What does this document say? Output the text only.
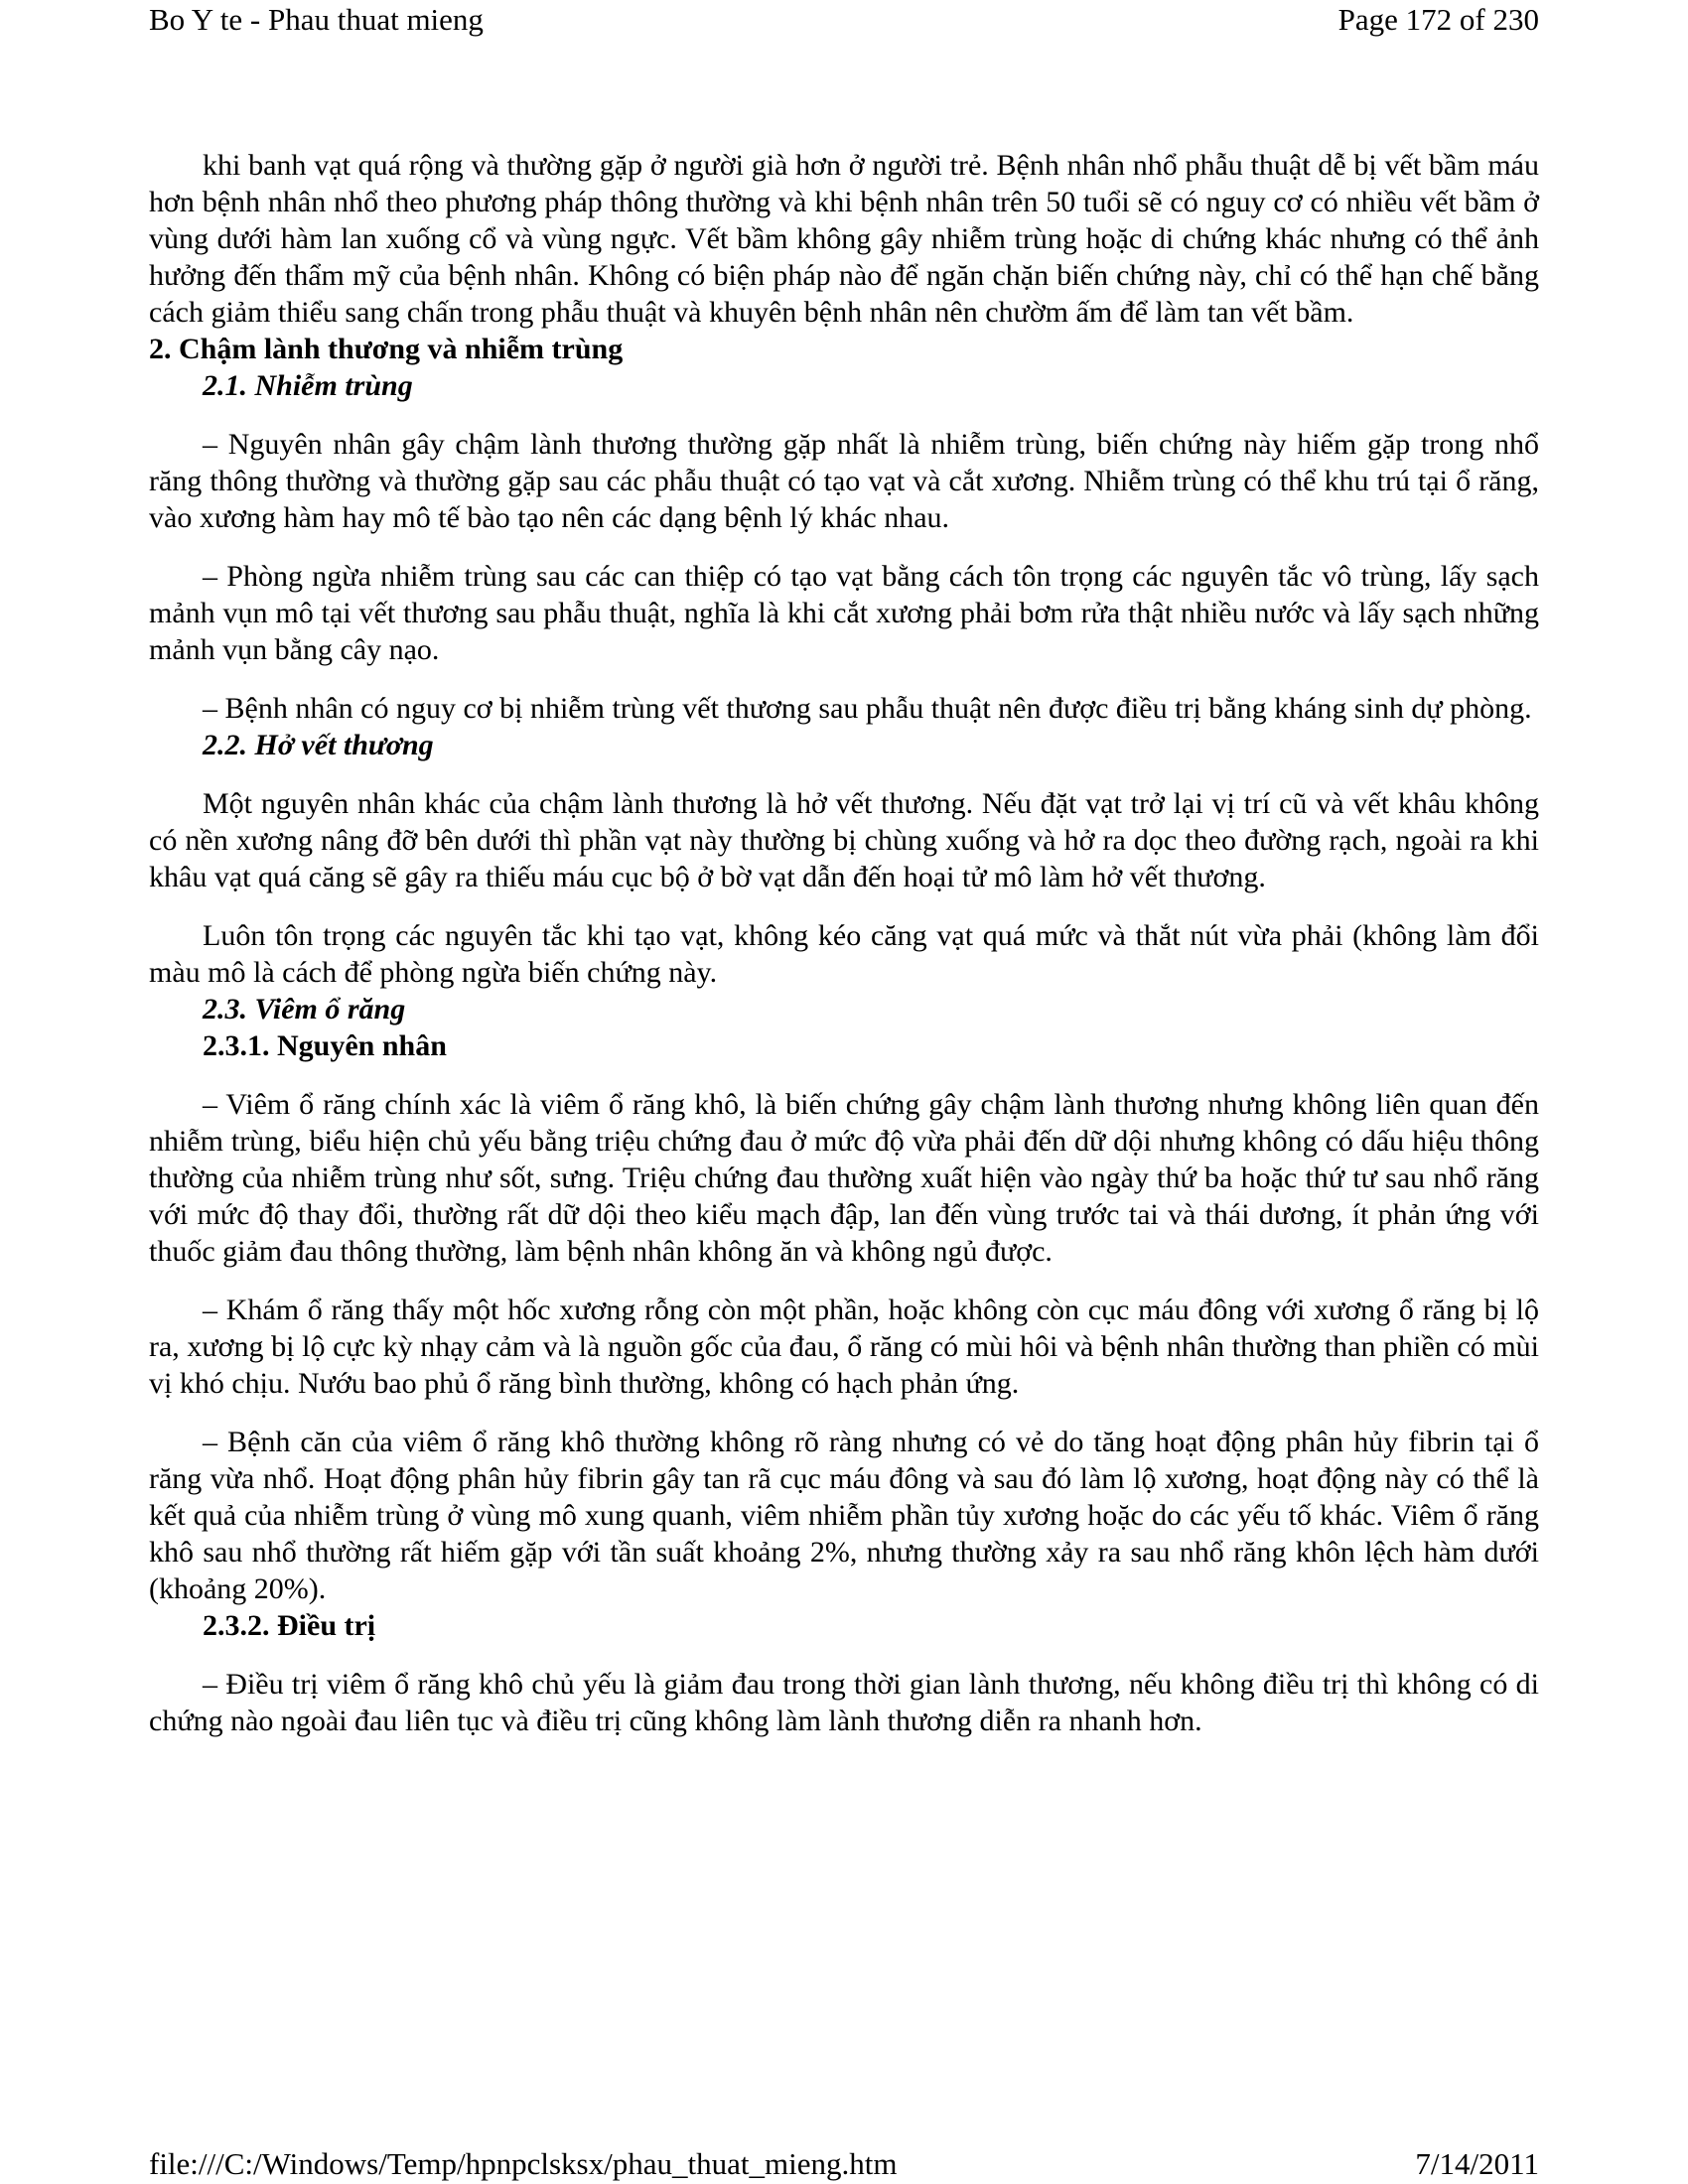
Bo Y te - Phau thuat mieng	Page 172 of 230

khi banh vạt quá rộng và thường gặp ở người già hơn ở người trẻ. Bệnh nhân nhổ phẫu thuật dễ bị vết bầm máu hơn bệnh nhân nhổ theo phương pháp thông thường và khi bệnh nhân trên 50 tuổi sẽ có nguy cơ có nhiều vết bầm ở vùng dưới hàm lan xuống cổ và vùng ngực. Vết bầm không gây nhiễm trùng hoặc di chứng khác nhưng có thể ảnh hưởng đến thẩm mỹ của bệnh nhân. Không có biện pháp nào để ngăn chặn biến chứng này, chỉ có thể hạn chế bằng cách giảm thiểu sang chấn trong phẫu thuật và khuyên bệnh nhân nên chườm ấm để làm tan vết bầm.

2. Chậm lành thương và nhiễm trùng

2.1. Nhiễm trùng

– Nguyên nhân gây chậm lành thương thường gặp nhất là nhiễm trùng, biến chứng này hiếm gặp trong nhổ răng thông thường và thường gặp sau các phẫu thuật có tạo vạt và cắt xương. Nhiễm trùng có thể khu trú tại ổ răng, vào xương hàm hay mô tế bào tạo nên các dạng bệnh lý khác nhau.

– Phòng ngừa nhiễm trùng sau các can thiệp có tạo vạt bằng cách tôn trọng các nguyên tắc vô trùng, lấy sạch mảnh vụn mô tại vết thương sau phẫu thuật, nghĩa là khi cắt xương phải bơm rửa thật nhiều nước và lấy sạch những mảnh vụn bằng cây nạo.

– Bệnh nhân có nguy cơ bị nhiễm trùng vết thương sau phẫu thuật nên được điều trị bằng kháng sinh dự phòng.

2.2. Hở vết thương

Một nguyên nhân khác của chậm lành thương là hở vết thương. Nếu đặt vạt trở lại vị trí cũ và vết khâu không có nền xương nâng đỡ bên dưới thì phần vạt này thường bị chùng xuống và hở ra dọc theo đường rạch, ngoài ra khi khâu vạt quá căng sẽ gây ra thiếu máu cục bộ ở bờ vạt dẫn đến hoại tử mô làm hở vết thương.

Luôn tôn trọng các nguyên tắc khi tạo vạt, không kéo căng vạt quá mức và thắt nút vừa phải (không làm đổi màu mô là cách để phòng ngừa biến chứng này.

2.3. Viêm ổ răng

2.3.1. Nguyên nhân

– Viêm ổ răng chính xác là viêm ổ răng khô, là biến chứng gây chậm lành thương nhưng không liên quan đến nhiễm trùng, biểu hiện chủ yếu bằng triệu chứng đau ở mức độ vừa phải đến dữ dội nhưng không có dấu hiệu thông thường của nhiễm trùng như sốt, sưng. Triệu chứng đau thường xuất hiện vào ngày thứ ba hoặc thứ tư sau nhổ răng với mức độ thay đổi, thường rất dữ dội theo kiểu mạch đập, lan đến vùng trước tai và thái dương, ít phản ứng với thuốc giảm đau thông thường, làm bệnh nhân không ăn và không ngủ được.

– Khám ổ răng thấy một hốc xương rỗng còn một phần, hoặc không còn cục máu đông với xương ổ răng bị lộ ra, xương bị lộ cực kỳ nhạy cảm và là nguồn gốc của đau, ổ răng có mùi hôi và bệnh nhân thường than phiền có mùi vị khó chịu. Nướu bao phủ ổ răng bình thường, không có hạch phản ứng.

– Bệnh căn của viêm ổ răng khô thường không rõ ràng nhưng có vẻ do tăng hoạt động phân hủy fibrin tại ổ răng vừa nhổ. Hoạt động phân hủy fibrin gây tan rã cục máu đông và sau đó làm lộ xương, hoạt động này có thể là kết quả của nhiễm trùng ở vùng mô xung quanh, viêm nhiễm phần tủy xương hoặc do các yếu tố khác. Viêm ổ răng khô sau nhổ thường rất hiếm gặp với tần suất khoảng 2%, nhưng thường xảy ra sau nhổ răng khôn lệch hàm dưới (khoảng 20%).

2.3.2. Điều trị

– Điều trị viêm ổ răng khô chủ yếu là giảm đau trong thời gian lành thương, nếu không điều trị thì không có di chứng nào ngoài đau liên tục và điều trị cũng không làm lành thương diễn ra nhanh hơn.

file:///C:/Windows/Temp/hpnpclsksx/phau_thuat_mieng.htm	7/14/2011
